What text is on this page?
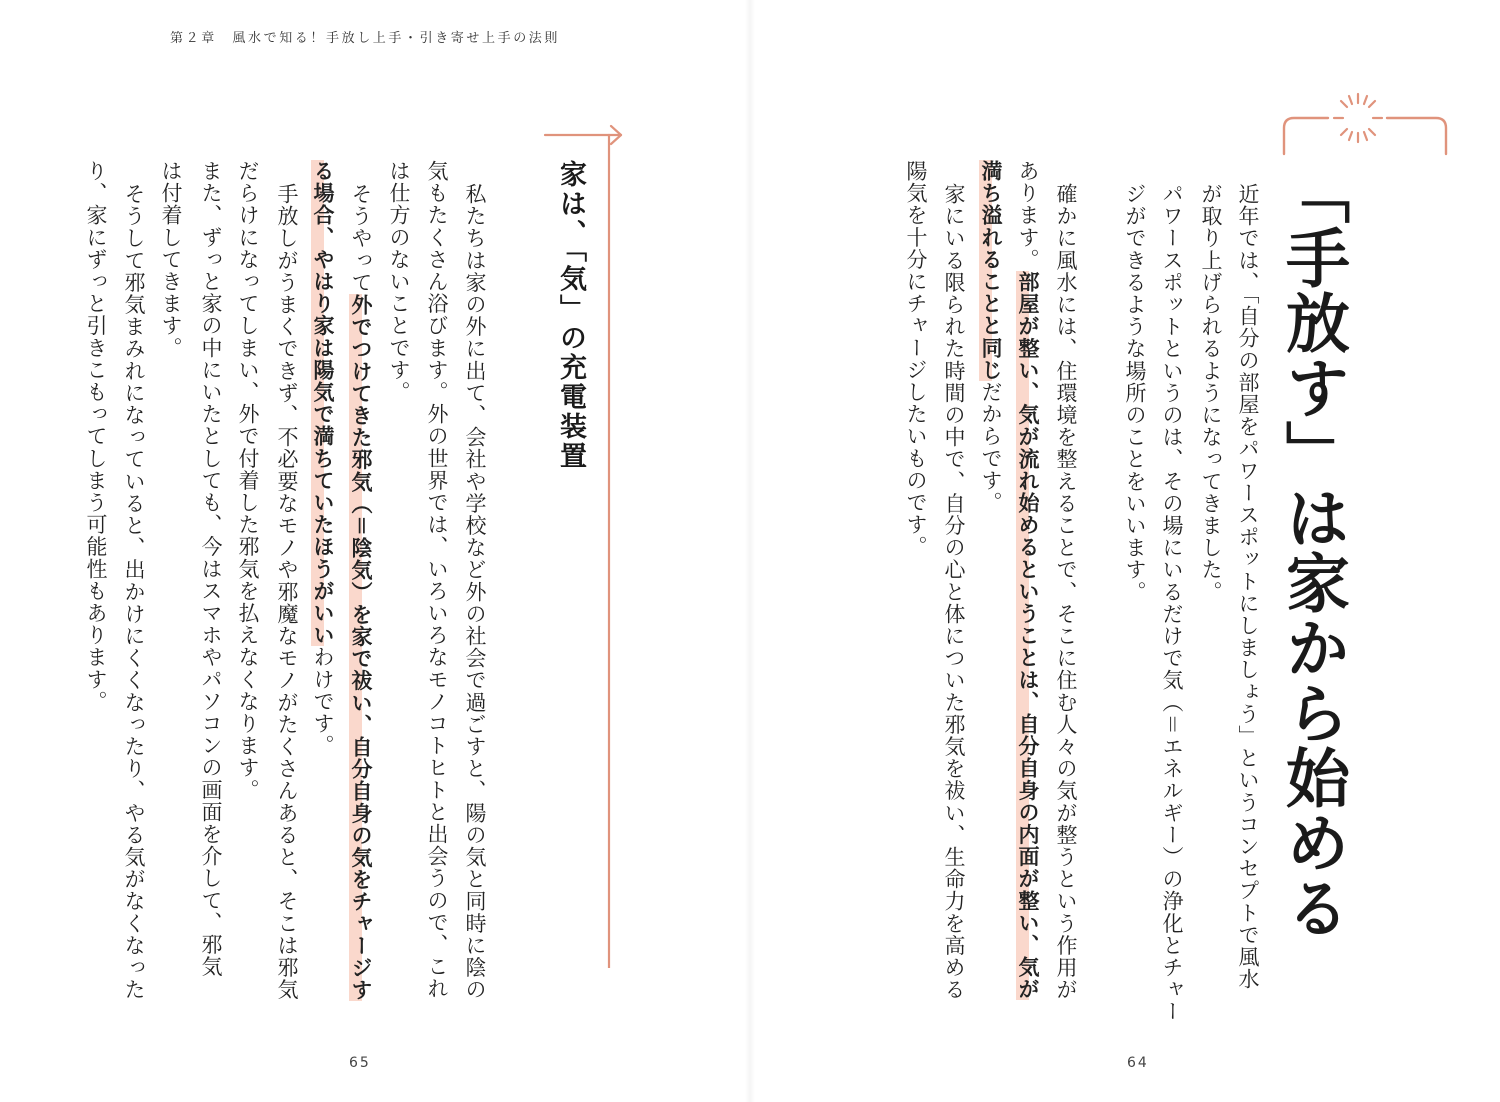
第２章　風水で知る！手放し上手・引き寄せ上手の法則
「手放す」は家から始める
近年では、「自分の部屋をパワースポットにしましょう」というコンセプトで風水
が取り上げられるようになってきました。
パワースポットというのは、その場にいるだけで気（＝エネルギー）の浄化とチャー
ジができるような場所のことをいいます。
確かに風水には、住環境を整えることで、そこに住む人々の気が整うという作用が
あります。部屋が整い、気が流れ始めるということは、自分自身の内面が整い、気が
満ち溢れることと同じだからです。
家にいる限られた時間の中で、自分の心と体についた邪気を祓い、生命力を高める
陽気を十分にチャージしたいものです。
家は、「気」の充電装置
私たちは家の外に出て、会社や学校など外の社会で過ごすと、陽の気と同時に陰の
気もたくさん浴びます。外の世界では、いろいろなモノコトヒトと出会うので、これ
は仕方のないことです。
そうやって外でつけてきた邪気（＝陰気）を家で祓い、自分自身の気をチャージす
る場合、やはり家は陽気で満ちていたほうがいいわけです。
手放しがうまくできず、不必要なモノや邪魔なモノがたくさんあると、そこは邪気
だらけになってしまい、外で付着した邪気を払えなくなります。
また、ずっと家の中にいたとしても、今はスマホやパソコンの画面を介して、邪気
は付着してきます。
そうして邪気まみれになっていると、出かけにくくなったり、やる気がなくなった
り、家にずっと引きこもってしまう可能性もあります。
65	64
